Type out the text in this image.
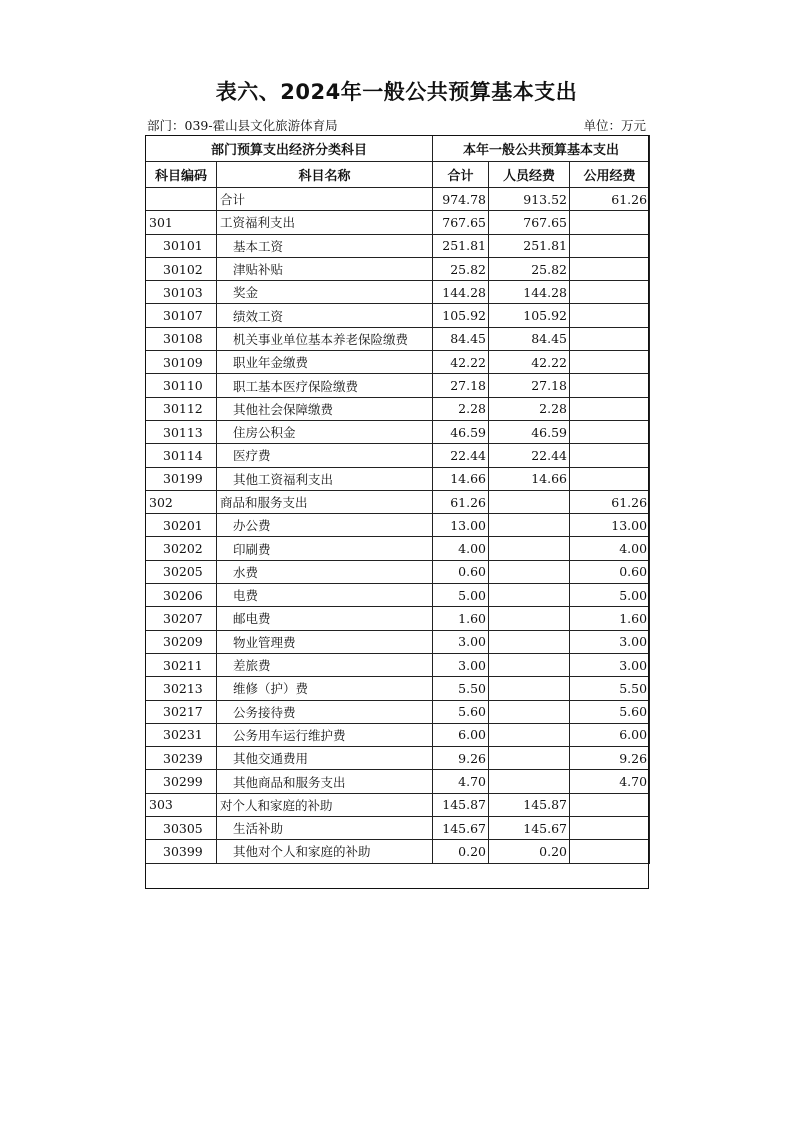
表六、2024年一般公共预算基本支出
部门：039-霍山县文化旅游体育局	单位：万元
部门预算支出经济分类科目		本年一般公共预算基本支出		
科目编码	科目名称	合计	人员经费	公用经费
	合计	974.78	913.52	61.26
301	工资福利支出	767.65	767.65	
30101	基本工资	251.81	251.81	
30102	津贴补贴	25.82	25.82	
30103	奖金	144.28	144.28	
30107	绩效工资	105.92	105.92	
30108	机关事业单位基本养老保险缴费	84.45	84.45	
30109	职业年金缴费	42.22	42.22	
30110	职工基本医疗保险缴费	27.18	27.18	
30112	其他社会保障缴费	2.28	2.28	
30113	住房公积金	46.59	46.59	
30114	医疗费	22.44	22.44	
30199	其他工资福利支出	14.66	14.66	
302	商品和服务支出	61.26		61.26
30201	办公费	13.00		13.00
30202	印刷费	4.00		4.00
30205	水费	0.60		0.60
30206	电费	5.00		5.00
30207	邮电费	1.60		1.60
30209	物业管理费	3.00		3.00
30211	差旅费	3.00		3.00
30213	维修（护）费	5.50		5.50
30217	公务接待费	5.60		5.60
30231	公务用车运行维护费	6.00		6.00
30239	其他交通费用	9.26		9.26
30299	其他商品和服务支出	4.70		4.70
303	对个人和家庭的补助	145.87	145.87	
30305	生活补助	145.67	145.67	
30399	其他对个人和家庭的补助	0.20	0.20	
